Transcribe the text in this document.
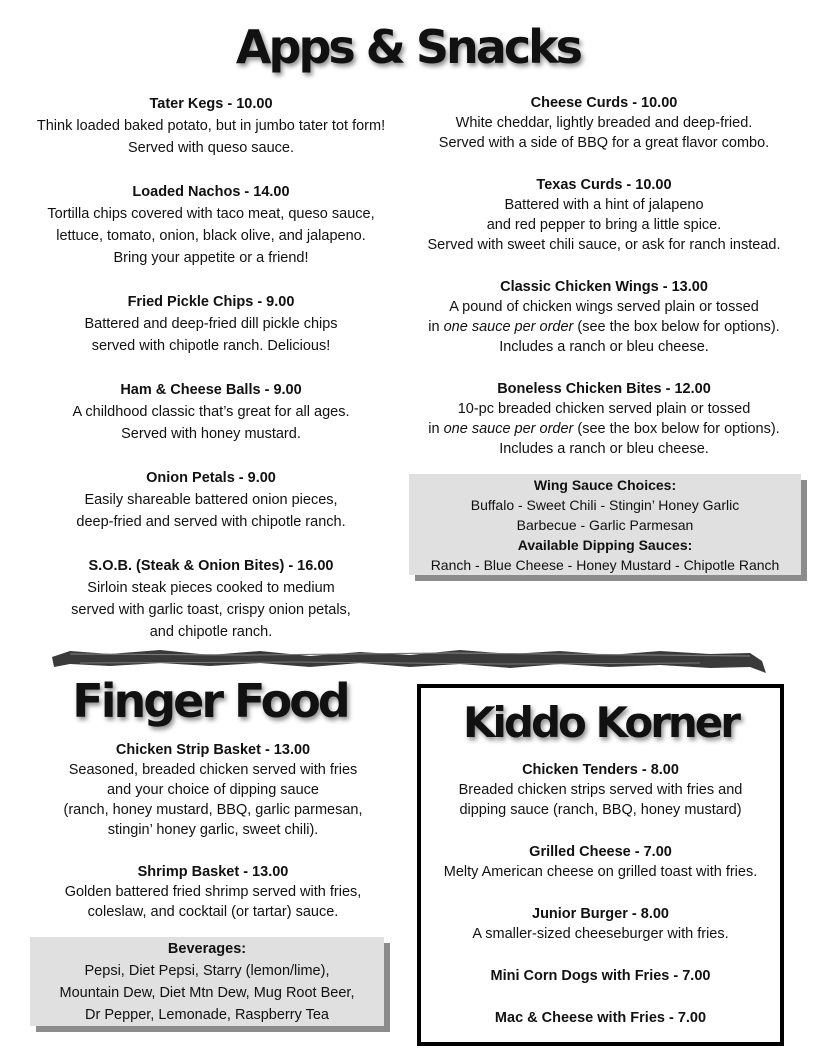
Apps & Snacks
Finger Food
Tater Kegs - 10.00
Think loaded baked potato, but in jumbo tater tot form!
Served with queso sauce.
Loaded Nachos - 14.00
Tortilla chips covered with taco meat, queso sauce,
lettuce, tomato, onion, black olive, and jalapeno.
Bring your appetite or a friend!
Fried Pickle Chips - 9.00
Battered and deep-fried dill pickle chips
served with chipotle ranch. Delicious!
Ham & Cheese Balls - 9.00
A childhood classic that’s great for all ages.
Served with honey mustard.
Onion Petals - 9.00
Easily shareable battered onion pieces,
deep-fried and served with chipotle ranch.
S.O.B. (Steak & Onion Bites) - 16.00
Sirloin steak pieces cooked to medium
served with garlic toast, crispy onion petals,
and chipotle ranch.
Cheese Curds - 10.00
White cheddar, lightly breaded and deep-fried.
Served with a side of BBQ for a great flavor combo.
Texas Curds - 10.00
Battered with a hint of jalapeno
and red pepper to bring a little spice.
Served with sweet chili sauce, or ask for ranch instead.
Classic Chicken Wings - 13.00
A pound of chicken wings served plain or tossed
in one sauce per order (see the box below for options).
Includes a ranch or bleu cheese.
Boneless Chicken Bites - 12.00
10-pc breaded chicken served plain or tossed
in one sauce per order (see the box below for options).
Includes a ranch or bleu cheese.
Wing Sauce Choices:
Buffalo - Sweet Chili - Stingin’ Honey Garlic
Barbecue - Garlic Parmesan
Available Dipping Sauces:
Ranch - Blue Cheese - Honey Mustard - Chipotle Ranch
Chicken Strip Basket - 13.00
Seasoned, breaded chicken served with fries
and your choice of dipping sauce
(ranch, honey mustard, BBQ, garlic parmesan,
stingin’ honey garlic, sweet chili).
Shrimp Basket - 13.00
Golden battered fried shrimp served with fries,
coleslaw, and cocktail (or tartar) sauce.
Beverages:
Pepsi, Diet Pepsi, Starry (lemon/lime),
Mountain Dew, Diet Mtn Dew, Mug Root Beer,
Dr Pepper, Lemonade, Raspberry Tea
Kiddo Korner
Chicken Tenders - 8.00
Breaded chicken strips served with fries and
dipping sauce (ranch, BBQ, honey mustard)
Grilled Cheese - 7.00
Melty American cheese on grilled toast with fries.
Junior Burger - 8.00
A smaller-sized cheeseburger with fries.
Mini Corn Dogs with Fries - 7.00
Mac & Cheese with Fries - 7.00
